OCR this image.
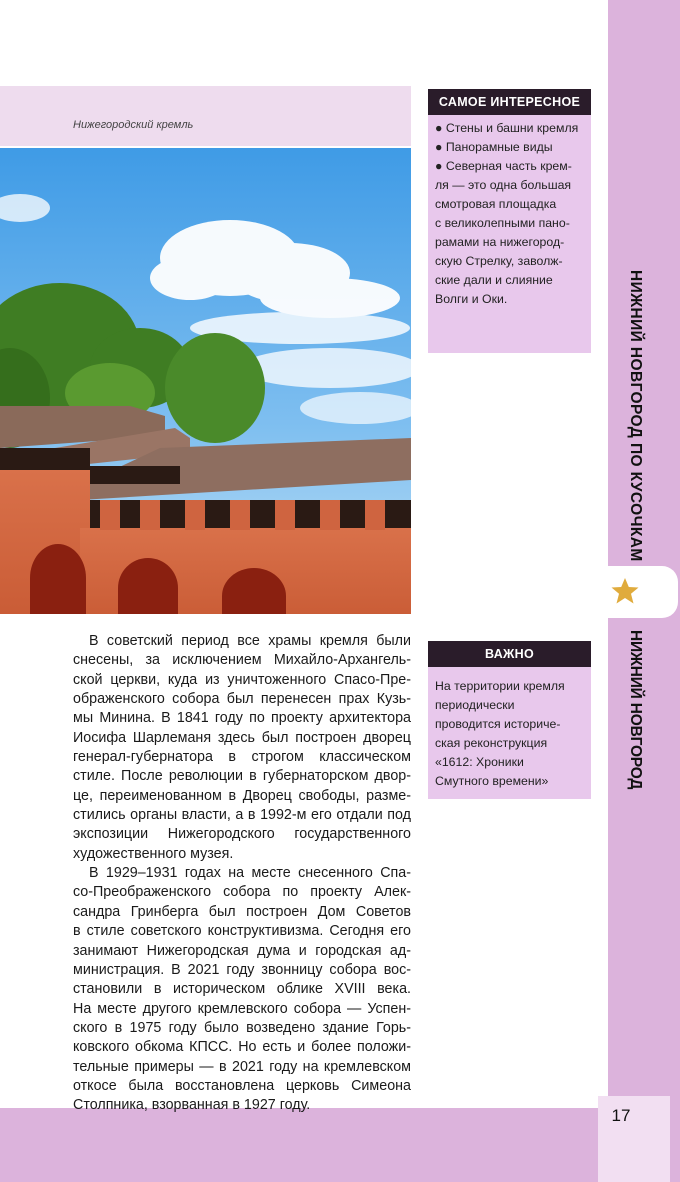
НИЖНИЙ НОВГОРОД ПО КУСОЧКАМ
НИЖНИЙ НОВГОРОД
17
Нижегородский кремль
САМОЕ ИНТЕРЕСНОЕ
● Стены и башни кремля
● Панорамные виды
● Северная часть крем-
ля — это одна большая
смотровая площадка
с великолепными пано-
рамами на нижегород-
скую Стрелку, заволж-
ские дали и слияние
Волги и Оки.
ВАЖНО
На территории кремля
периодически
проводится историче-
ская реконструкция
«1612: Хроники
Смутного времени»
В советский период все храмы кремля были
снесены, за исключением Михайло-Архангель-
ской церкви, куда из уничтоженного Спасо-Пре-
ображенского собора был перенесен прах Кузь-
мы Минина. В 1841 году по проекту архитектора
Иосифа Шарлеманя здесь был построен дворец
генерал-губернатора в строгом классическом
стиле. После революции в губернаторском двор-
це, переименованном в Дворец свободы, разме-
стились органы власти, а в 1992-м его отдали под
экспозиции Нижегородского государственного
художественного музея.
В 1929–1931 годах на месте снесенного Спа-
со-Преображенского собора по проекту Алек-
сандра Гринберга был построен Дом Советов
в стиле советского конструктивизма. Сегодня его
занимают Нижегородская дума и городская ад-
министрация. В 2021 году звонницу собора вос-
становили в историческом облике XVIII века.
На месте другого кремлевского собора — Успен-
ского в 1975 году было возведено здание Горь-
ковского обкома КПСС. Но есть и более положи-
тельные примеры — в 2021 году на кремлевском
откосе была восстановлена церковь Симеона
Столпника, взорванная в 1927 году.
